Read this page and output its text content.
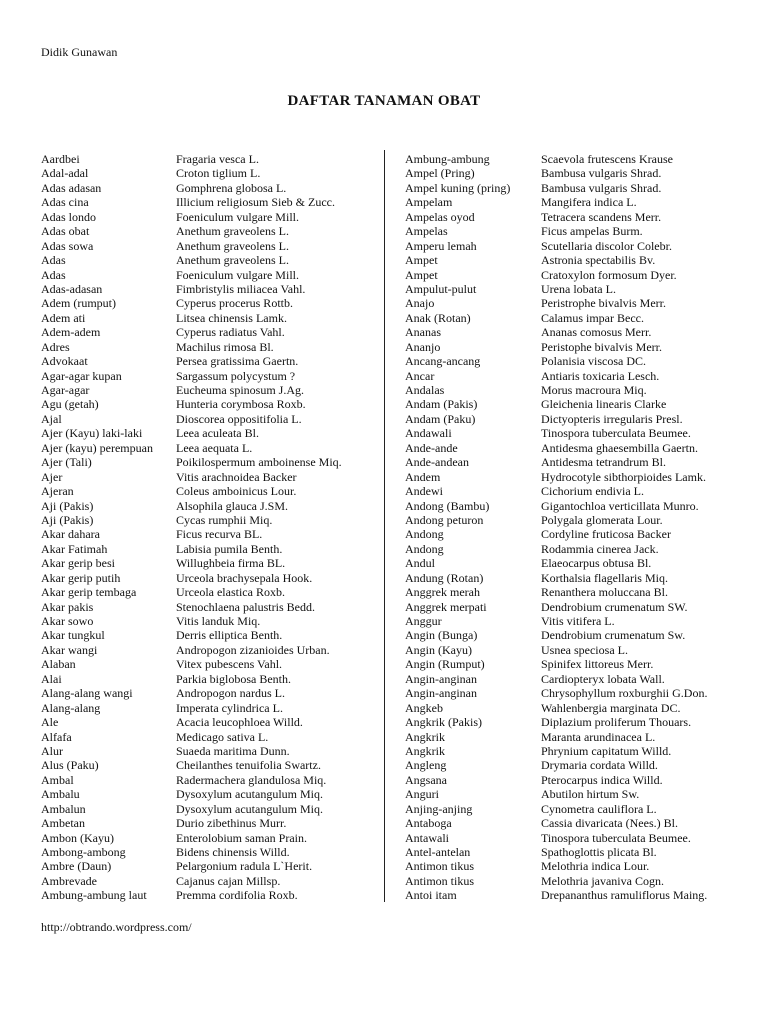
Didik Gunawan
DAFTAR TANAMAN OBAT
Aardbei	Fragaria vesca L.
Adal-adal	Croton tiglium L.
Adas adasan	Gomphrena globosa L.
Adas cina	Illicium religiosum Sieb & Zucc.
Adas londo	Foeniculum vulgare Mill.
Adas obat	Anethum graveolens L.
Adas sowa	Anethum graveolens L.
Adas	Anethum graveolens L.
Adas	Foeniculum vulgare Mill.
Adas-adasan	Fimbristylis miliacea Vahl.
Adem (rumput)	Cyperus procerus Rottb.
Adem ati	Litsea chinensis Lamk.
Adem-adem	Cyperus radiatus Vahl.
Adres	Machilus rimosa Bl.
Advokaat	Persea gratissima Gaertn.
Agar-agar kupan	Sargassum polycystum ?
Agar-agar	Eucheuma spinosum J.Ag.
Agu (getah)	Hunteria corymbosa Roxb.
Ajal	Dioscorea oppositifolia L.
Ajer (Kayu) laki-laki	Leea aculeata Bl.
Ajer (kayu) perempuan	Leea aequata L.
Ajer (Tali)	Poikilospermum amboinense Miq.
Ajer	Vitis arachnoidea Backer
Ajeran	Coleus amboinicus Lour.
Aji (Pakis)	Alsophila glauca J.SM.
Aji (Pakis)	Cycas rumphii Miq.
Akar dahara	Ficus recurva BL.
Akar Fatimah	Labisia pumila Benth.
Akar gerip besi	Willughbeia firma BL.
Akar gerip putih	Urceola brachysepala Hook.
Akar gerip tembaga	Urceola elastica Roxb.
Akar pakis	Stenochlaena palustris Bedd.
Akar sowo	Vitis landuk Miq.
Akar tungkul	Derris elliptica Benth.
Akar wangi	Andropogon zizanioides Urban.
Alaban	Vitex pubescens Vahl.
Alai	Parkia biglobosa Benth.
Alang-alang wangi	Andropogon nardus L.
Alang-alang	Imperata cylindrica L.
Ale	Acacia leucophloea Willd.
Alfafa	Medicago sativa L.
Alur	Suaeda maritima Dunn.
Alus (Paku)	Cheilanthes tenuifolia Swartz.
Ambal	Radermachera glandulosa Miq.
Ambalu	Dysoxylum acutangulum Miq.
Ambalun	Dysoxylum acutangulum Miq.
Ambetan	Durio zibethinus Murr.
Ambon (Kayu)	Enterolobium saman Prain.
Ambong-ambong	Bidens chinensis Willd.
Ambre (Daun)	Pelargonium radula L`Herit.
Ambrevade	Cajanus cajan Millsp.
Ambung-ambung laut	Premma cordifolia Roxb.
Ambung-ambung	Scaevola frutescens Krause
Ampel (Pring)	Bambusa vulgaris Shrad.
Ampel kuning (pring)	Bambusa vulgaris Shrad.
Ampelam	Mangifera indica L.
Ampelas oyod	Tetracera scandens Merr.
Ampelas	Ficus ampelas Burm.
Amperu lemah	Scutellaria discolor Colebr.
Ampet	Astronia spectabilis Bv.
Ampet	Cratoxylon formosum Dyer.
Ampulut-pulut	Urena lobata L.
Anajo	Peristrophe bivalvis Merr.
Anak (Rotan)	Calamus impar Becc.
Ananas	Ananas comosus Merr.
Ananjo	Peristophe bivalvis Merr.
Ancang-ancang	Polanisia viscosa DC.
Ancar	Antiaris toxicaria Lesch.
Andalas	Morus macroura Miq.
Andam (Pakis)	Gleichenia linearis Clarke
Andam (Paku)	Dictyopteris irregularis Presl.
Andawali	Tinospora tuberculata Beumee.
Ande-ande	Antidesma ghaesembilla Gaertn.
Ande-andean	Antidesma tetrandrum Bl.
Andem	Hydrocotyle sibthorpioides Lamk.
Andewi	Cichorium endivia L.
Andong (Bambu)	Gigantochloa verticillata Munro.
Andong peturon	Polygala glomerata Lour.
Andong	Cordyline fruticosa Backer
Andong	Rodammia cinerea Jack.
Andul	Elaeocarpus obtusa Bl.
Andung (Rotan)	Korthalsia flagellaris Miq.
Anggrek merah	Renanthera moluccana Bl.
Anggrek merpati	Dendrobium crumenatum SW.
Anggur	Vitis vitifera L.
Angin (Bunga)	Dendrobium crumenatum Sw.
Angin (Kayu)	Usnea speciosa L.
Angin (Rumput)	Spinifex littoreus Merr.
Angin-anginan	Cardiopteryx lobata Wall.
Angin-anginan	Chrysophyllum roxburghii G.Don.
Angkeb	Wahlenbergia marginata DC.
Angkrik (Pakis)	Diplazium proliferum Thouars.
Angkrik	Maranta arundinacea L.
Angkrik	Phrynium capitatum Willd.
Angleng	Drymaria cordata Willd.
Angsana	Pterocarpus indica Willd.
Anguri	Abutilon hirtum Sw.
Anjing-anjing	Cynometra cauliflora L.
Antaboga	Cassia divaricata (Nees.) Bl.
Antawali	Tinospora tuberculata Beumee.
Antel-antelan	Spathoglottis plicata Bl.
Antimon tikus	Melothria indica Lour.
Antimon tikus	Melothria javaniva Cogn.
Antoi itam	Drepananthus ramuliflorus Maing.
http://obtrando.wordpress.com/
